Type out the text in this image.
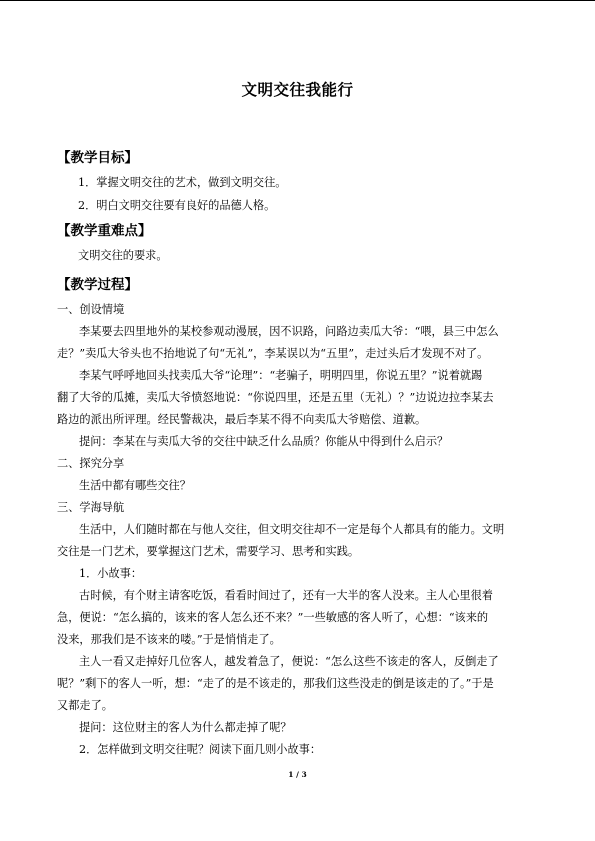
文明交往我能行
【教学目标】
1．掌握文明交往的艺术，做到文明交往。
2．明白文明交往要有良好的品德人格。
【教学重难点】
文明交往的要求。
【教学过程】
一、创设情境
李某要去四里地外的某校参观动漫展，因不识路，问路边卖瓜大爷：“喂，县三中怎么
走？”卖瓜大爷头也不抬地说了句“无礼”，李某误以为“五里”，走过头后才发现不对了。
李某气呼呼地回头找卖瓜大爷“论理”：“老骗子，明明四里，你说五里？”说着就踢
翻了大爷的瓜摊，卖瓜大爷愤怒地说：“你说四里，还是五里（无礼）？”边说边拉李某去
路边的派出所评理。经民警裁决，最后李某不得不向卖瓜大爷赔偿、道歉。
提问：李某在与卖瓜大爷的交往中缺乏什么品质？你能从中得到什么启示？
二、探究分享
生活中都有哪些交往？
三、学海导航
生活中，人们随时都在与他人交往，但文明交往却不一定是每个人都具有的能力。文明
交往是一门艺术，要掌握这门艺术，需要学习、思考和实践。
1．小故事：
古时候，有个财主请客吃饭，看看时间过了，还有一大半的客人没来。主人心里很着
急，便说：“怎么搞的，该来的客人怎么还不来？”一些敏感的客人听了，心想：“该来的
没来，那我们是不该来的喽。”于是悄悄走了。
主人一看又走掉好几位客人，越发着急了，便说：“怎么这些不该走的客人，反倒走了
呢？”剩下的客人一听，想：“走了的是不该走的，那我们这些没走的倒是该走的了。”于是
又都走了。
提问：这位财主的客人为什么都走掉了呢？
2．怎样做到文明交往呢？阅读下面几则小故事：
1 / 3
